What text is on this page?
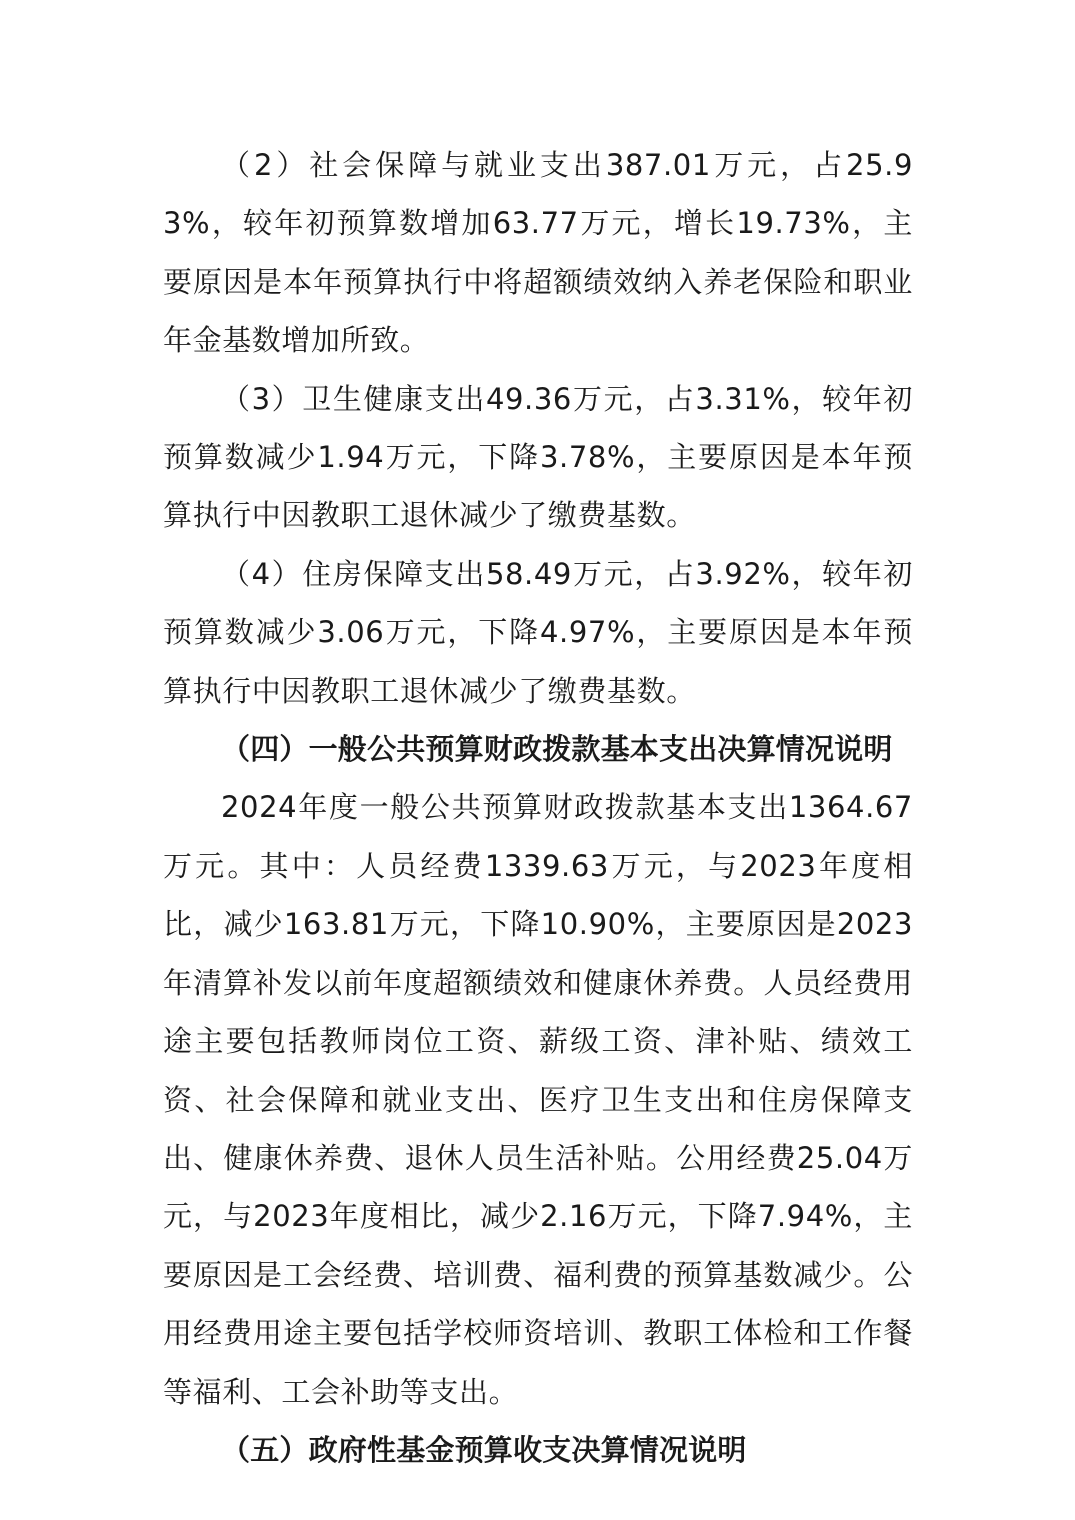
（2）社会保障与就业支出387.01万元，占25.93%，较年初预算数增加63.77万元，增长19.73%，主要原因是本年预算执行中将超额绩效纳入养老保险和职业年金基数增加所致。

（3）卫生健康支出49.36万元，占3.31%，较年初预算数减少1.94万元，下降3.78%，主要原因是本年预算执行中因教职工退休减少了缴费基数。

（4）住房保障支出58.49万元，占3.92%，较年初预算数减少3.06万元，下降4.97%，主要原因是本年预算执行中因教职工退休减少了缴费基数。

（四）一般公共预算财政拨款基本支出决算情况说明

2024年度一般公共预算财政拨款基本支出1364.67万元。其中：人员经费1339.63万元，与2023年度相比，减少163.81万元，下降10.90%，主要原因是2023年清算补发以前年度超额绩效和健康休养费。人员经费用途主要包括教师岗位工资、薪级工资、津补贴、绩效工资、社会保障和就业支出、医疗卫生支出和住房保障支出、健康休养费、退休人员生活补贴。公用经费25.04万元，与2023年度相比，减少2.16万元，下降7.94%，主要原因是工会经费、培训费、福利费的预算基数减少。公用经费用途主要包括学校师资培训、教职工体检和工作餐等福利、工会补助等支出。

（五）政府性基金预算收支决算情况说明
